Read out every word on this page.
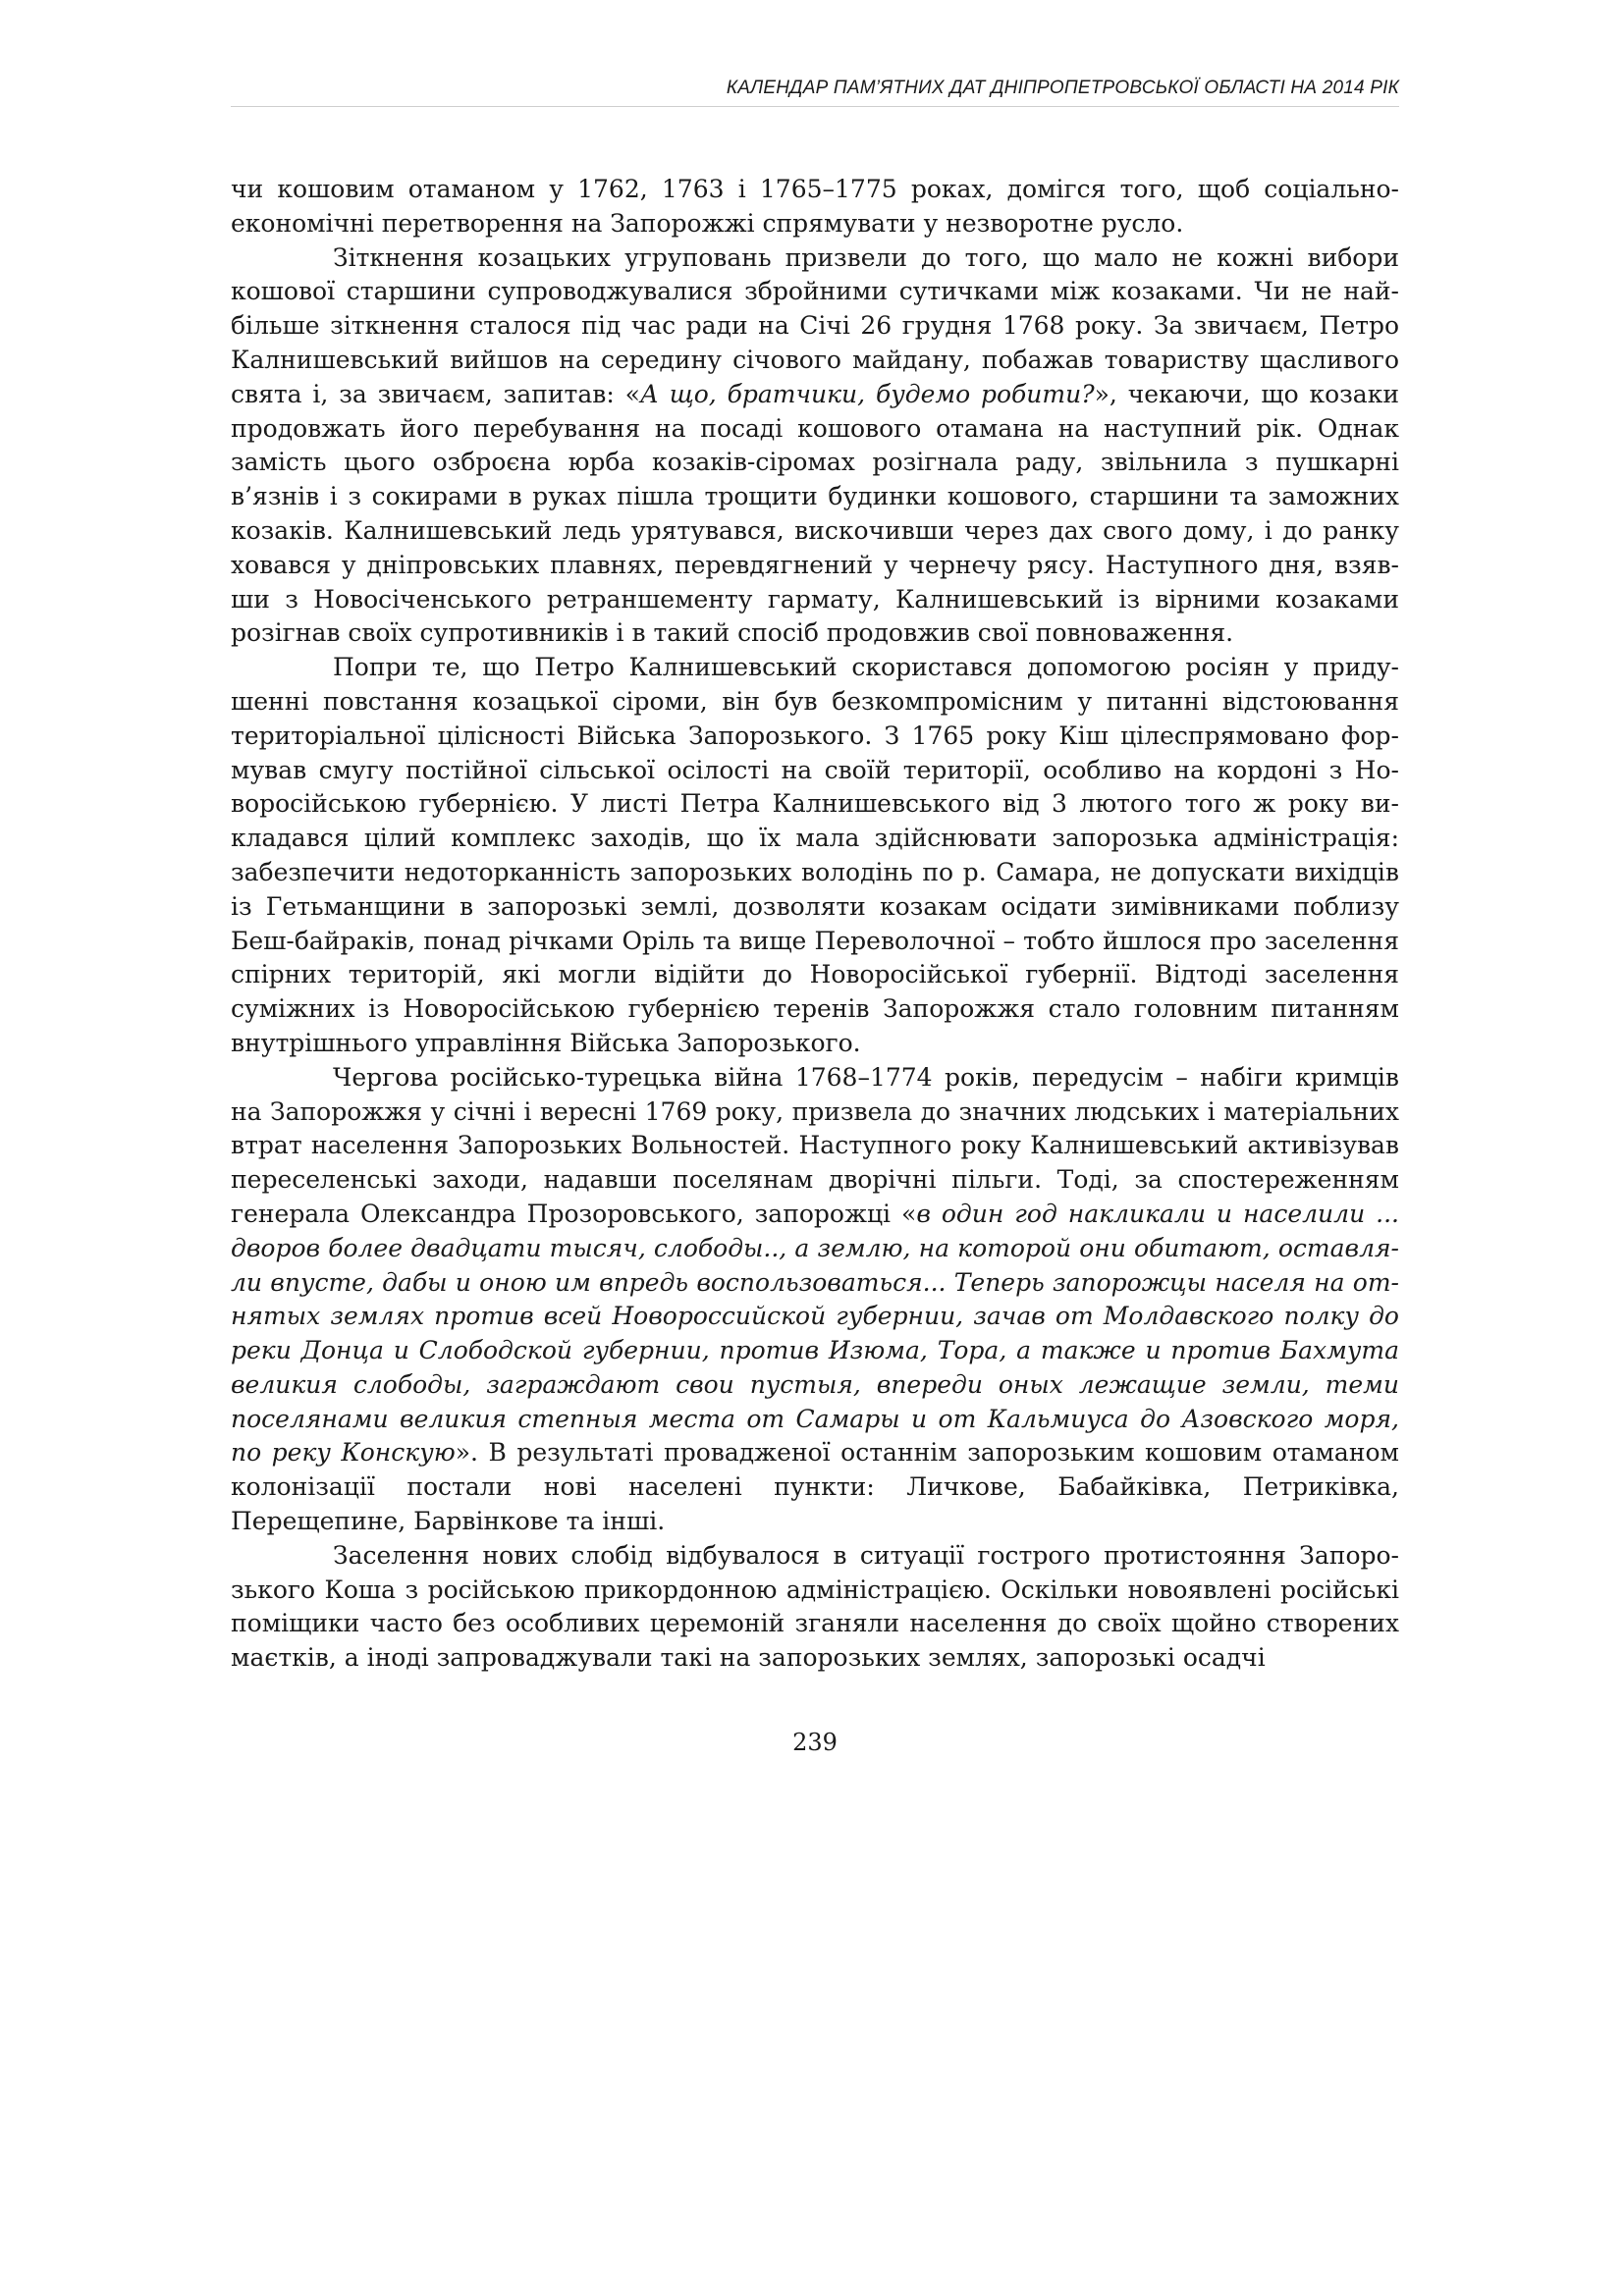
КАЛЕНДАР ПАМ’ЯТНИХ ДАТ ДНІПРОПЕТРОВСЬКОЇ ОБЛАСТІ НА 2014 РІК

чи кошовим отаманом у 1762, 1763 і 1765–1775 роках, домігся того, щоб соціально-економічні перетворення на Запорожжі спрямувати у незворотне русло.

Зіткнення козацьких угруповань призвели до того, що мало не кожні вибори кошової старшини супроводжувалися збройними сутичками між козаками. Чи не найбільше зіткнення сталося під час ради на Січі 26 грудня 1768 року. За звичаєм, Петро Калнишевський вийшов на середину січового майдану, побажав товариству щасливого свята і, за звичаєм, запитав: «А що, братчики, будемо робити?», чекаючи, що козаки продовжать його перебування на посаді кошового отамана на наступний рік. Однак замість цього озброєна юрба козаків-сіромах розігнала раду, звільнила з пушкарні в’язнів і з сокирами в руках пішла трощити будинки кошового, старшини та заможних козаків. Калнишевський ледь урятувався, вискочивши через дах свого дому, і до ранку ховався у дніпровських плавнях, перевдягнений у чернечу рясу. Наступного дня, взявши з Новосіченського ретраншементу гармату, Калнишевський із вірними козаками розігнав своїх супротивників і в такий спосіб продовжив свої повноваження.

Попри те, що Петро Калнишевський скористався допомогою росіян у придушенні повстання козацької сіроми, він був безкомпромісним у питанні відстоювання територіальної цілісності Війська Запорозького. З 1765 року Кіш цілеспрямовано формував смугу постійної сільської осілості на своїй території, особливо на кордоні з Новоросійською губернією. У листі Петра Калнишевського від 3 лютого того ж року викладався цілий комплекс заходів, що їх мала здійснювати запорозька адміністрація: забезпечити недоторканність запорозьких володінь по р. Самара, не допускати вихідців із Гетьманщини в запорозькі землі, дозволяти козакам осідати зимівниками поблизу Беш-байраків, понад річками Оріль та вище Переволочної – тобто йшлося про заселення спірних територій, які могли відійти до Новоросійської губернії. Відтоді заселення суміжних із Новоросійською губернією теренів Запорожжя стало головним питанням внутрішнього управління Війська Запорозького.

Чергова російсько-турецька війна 1768–1774 років, передусім – набіги кримців на Запорожжя у січні і вересні 1769 року, призвела до значних людських і матеріальних втрат населення Запорозьких Вольностей. Наступного року Калнишевський активізував переселенські заходи, надавши поселянам дворічні пільги. Тоді, за спостереженням генерала Олександра Прозоровського, запорожці «в один год накликали и населили ... дворов более двадцати тысяч, слободы.., а землю, на которой они обитают, оставляли впусте, дабы и оною им впредь воспользоваться... Теперь запорожцы населя на отнятых землях против всей Новороссийской губернии, зачав от Молдавского полку до реки Донца и Слободской губернии, против Изюма, Тора, а также и против Бахмута великия слободы, заграждают свои пустыя, впереди оных лежащие земли, теми поселянами великия степныя места от Самары и от Кальмиуса до Азовского моря, по реку Конскую». В результаті провадженої останнім запорозьким кошовим отаманом колонізації постали нові населені пункти: Личкове, Бабайківка, Петриківка, Перещепине, Барвінкове та інші.

Заселення нових слобід відбувалося в ситуації гострого протистояння Запорозького Коша з російською прикордонною адміністрацією. Оскільки новоявлені російські поміщики часто без особливих церемоній зганяли населення до своїх щойно створених маєтків, а іноді запроваджували такі на запорозьких землях, запорозькі осадчі

239
